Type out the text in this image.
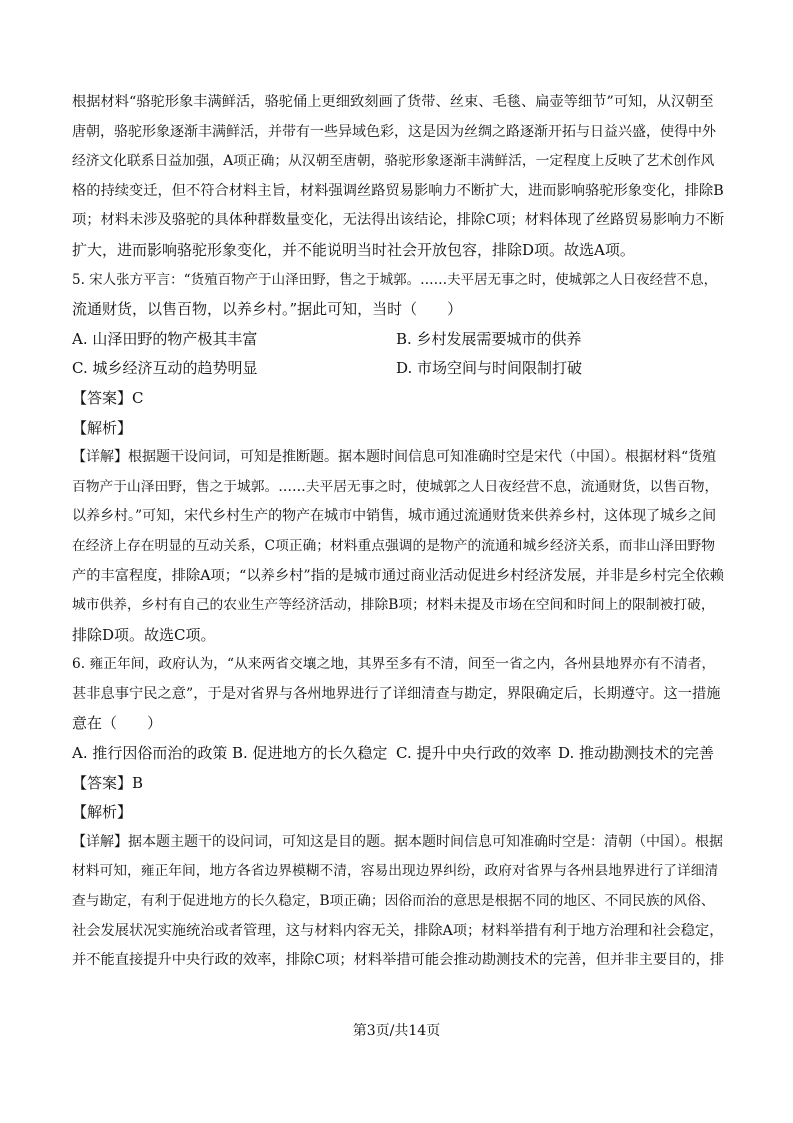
根据材料“骆驼形象丰满鲜活，骆驼俑上更细致刻画了货带、丝束、毛毯、扁壶等细节”可知，从汉朝至
唐朝，骆驼形象逐渐丰满鲜活，并带有一些异域色彩，这是因为丝绸之路逐渐开拓与日益兴盛，使得中外
经济文化联系日益加强，A项正确；从汉朝至唐朝，骆驼形象逐渐丰满鲜活，一定程度上反映了艺术创作风
格的持续变迁，但不符合材料主旨，材料强调丝路贸易影响力不断扩大，进而影响骆驼形象变化，排除B
项；材料未涉及骆驼的具体种群数量变化，无法得出该结论，排除C项；材料体现了丝路贸易影响力不断
扩大，进而影响骆驼形象变化，并不能说明当时社会开放包容，排除D项。故选A项。
5. 宋人张方平言：“货殖百物产于山泽田野，售之于城郭。……夫平居无事之时，使城郭之人日夜经营不息，
流通财货，以售百物，以养乡村。”据此可知，当时（　　）
A. 山泽田野的物产极其丰富	B. 乡村发展需要城市的供养
C. 城乡经济互动的趋势明显	D. 市场空间与时间限制打破
【答案】C
【解析】
【详解】根据题干设问词，可知是推断题。据本题时间信息可知准确时空是宋代（中国）。根据材料“货殖
百物产于山泽田野，售之于城郭。……夫平居无事之时，使城郭之人日夜经营不息，流通财货，以售百物，
以养乡村。”可知，宋代乡村生产的物产在城市中销售，城市通过流通财货来供养乡村，这体现了城乡之间
在经济上存在明显的互动关系，C项正确；材料重点强调的是物产的流通和城乡经济关系，而非山泽田野物
产的丰富程度，排除A项；“以养乡村”指的是城市通过商业活动促进乡村经济发展，并非是乡村完全依赖
城市供养，乡村有自己的农业生产等经济活动，排除B项；材料未提及市场在空间和时间上的限制被打破，
排除D项。故选C项。
6. 雍正年间，政府认为，“从来两省交壤之地，其界至多有不清，间至一省之内，各州县地界亦有不清者，
甚非息事宁民之意”，于是对省界与各州地界进行了详细清查与勘定，界限确定后，长期遵守。这一措施
意在（　　）
A. 推行因俗而治的政策 B. 促进地方的长久稳定 C. 提升中央行政的效率 D. 推动勘测技术的完善
【答案】B
【解析】
【详解】据本题主题干的设问词，可知这是目的题。据本题时间信息可知准确时空是：清朝（中国）。根据
材料可知，雍正年间，地方各省边界模糊不清，容易出现边界纠纷，政府对省界与各州县地界进行了详细清
查与勘定，有利于促进地方的长久稳定，B项正确；因俗而治的意思是根据不同的地区、不同民族的风俗、
社会发展状况实施统治或者管理，这与材料内容无关，排除A项；材料举措有利于地方治理和社会稳定，
并不能直接提升中央行政的效率，排除C项；材料举措可能会推动勘测技术的完善，但并非主要目的，排
第3页/共14页
